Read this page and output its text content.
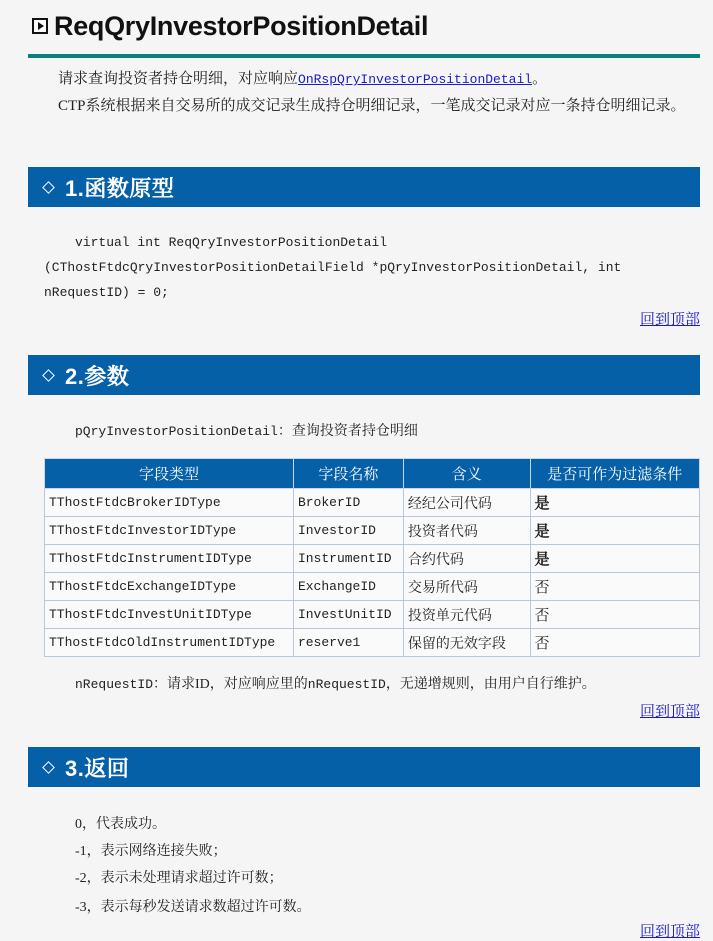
ReqQryInvestorPositionDetail
请求查询投资者持仓明细，对应响应OnRspQryInvestorPositionDetail。
CTP系统根据来自交易所的成交记录生成持仓明细记录，一笔成交记录对应一条持仓明细记录。
1.函数原型
virtual int ReqQryInvestorPositionDetail
(CThostFtdcQryInvestorPositionDetailField *pQryInvestorPositionDetail, int
nRequestID) = 0;
回到顶部
2.参数
pQryInvestorPositionDetail：查询投资者持仓明细
字段类型	字段名称	含义	是否可作为过滤条件
TThostFtdcBrokerIDType	BrokerID	经纪公司代码	是
TThostFtdcInvestorIDType	InvestorID	投资者代码	是
TThostFtdcInstrumentIDType	InstrumentID	合约代码	是
TThostFtdcExchangeIDType	ExchangeID	交易所代码	否
TThostFtdcInvestUnitIDType	InvestUnitID	投资单元代码	否
TThostFtdcOldInstrumentIDType	reserve1	保留的无效字段	否
nRequestID：请求ID，对应响应里的nRequestID，无递增规则，由用户自行维护。
回到顶部
3.返回
0，代表成功。
-1，表示网络连接失败；
-2，表示未处理请求超过许可数；
-3，表示每秒发送请求数超过许可数。
回到顶部
